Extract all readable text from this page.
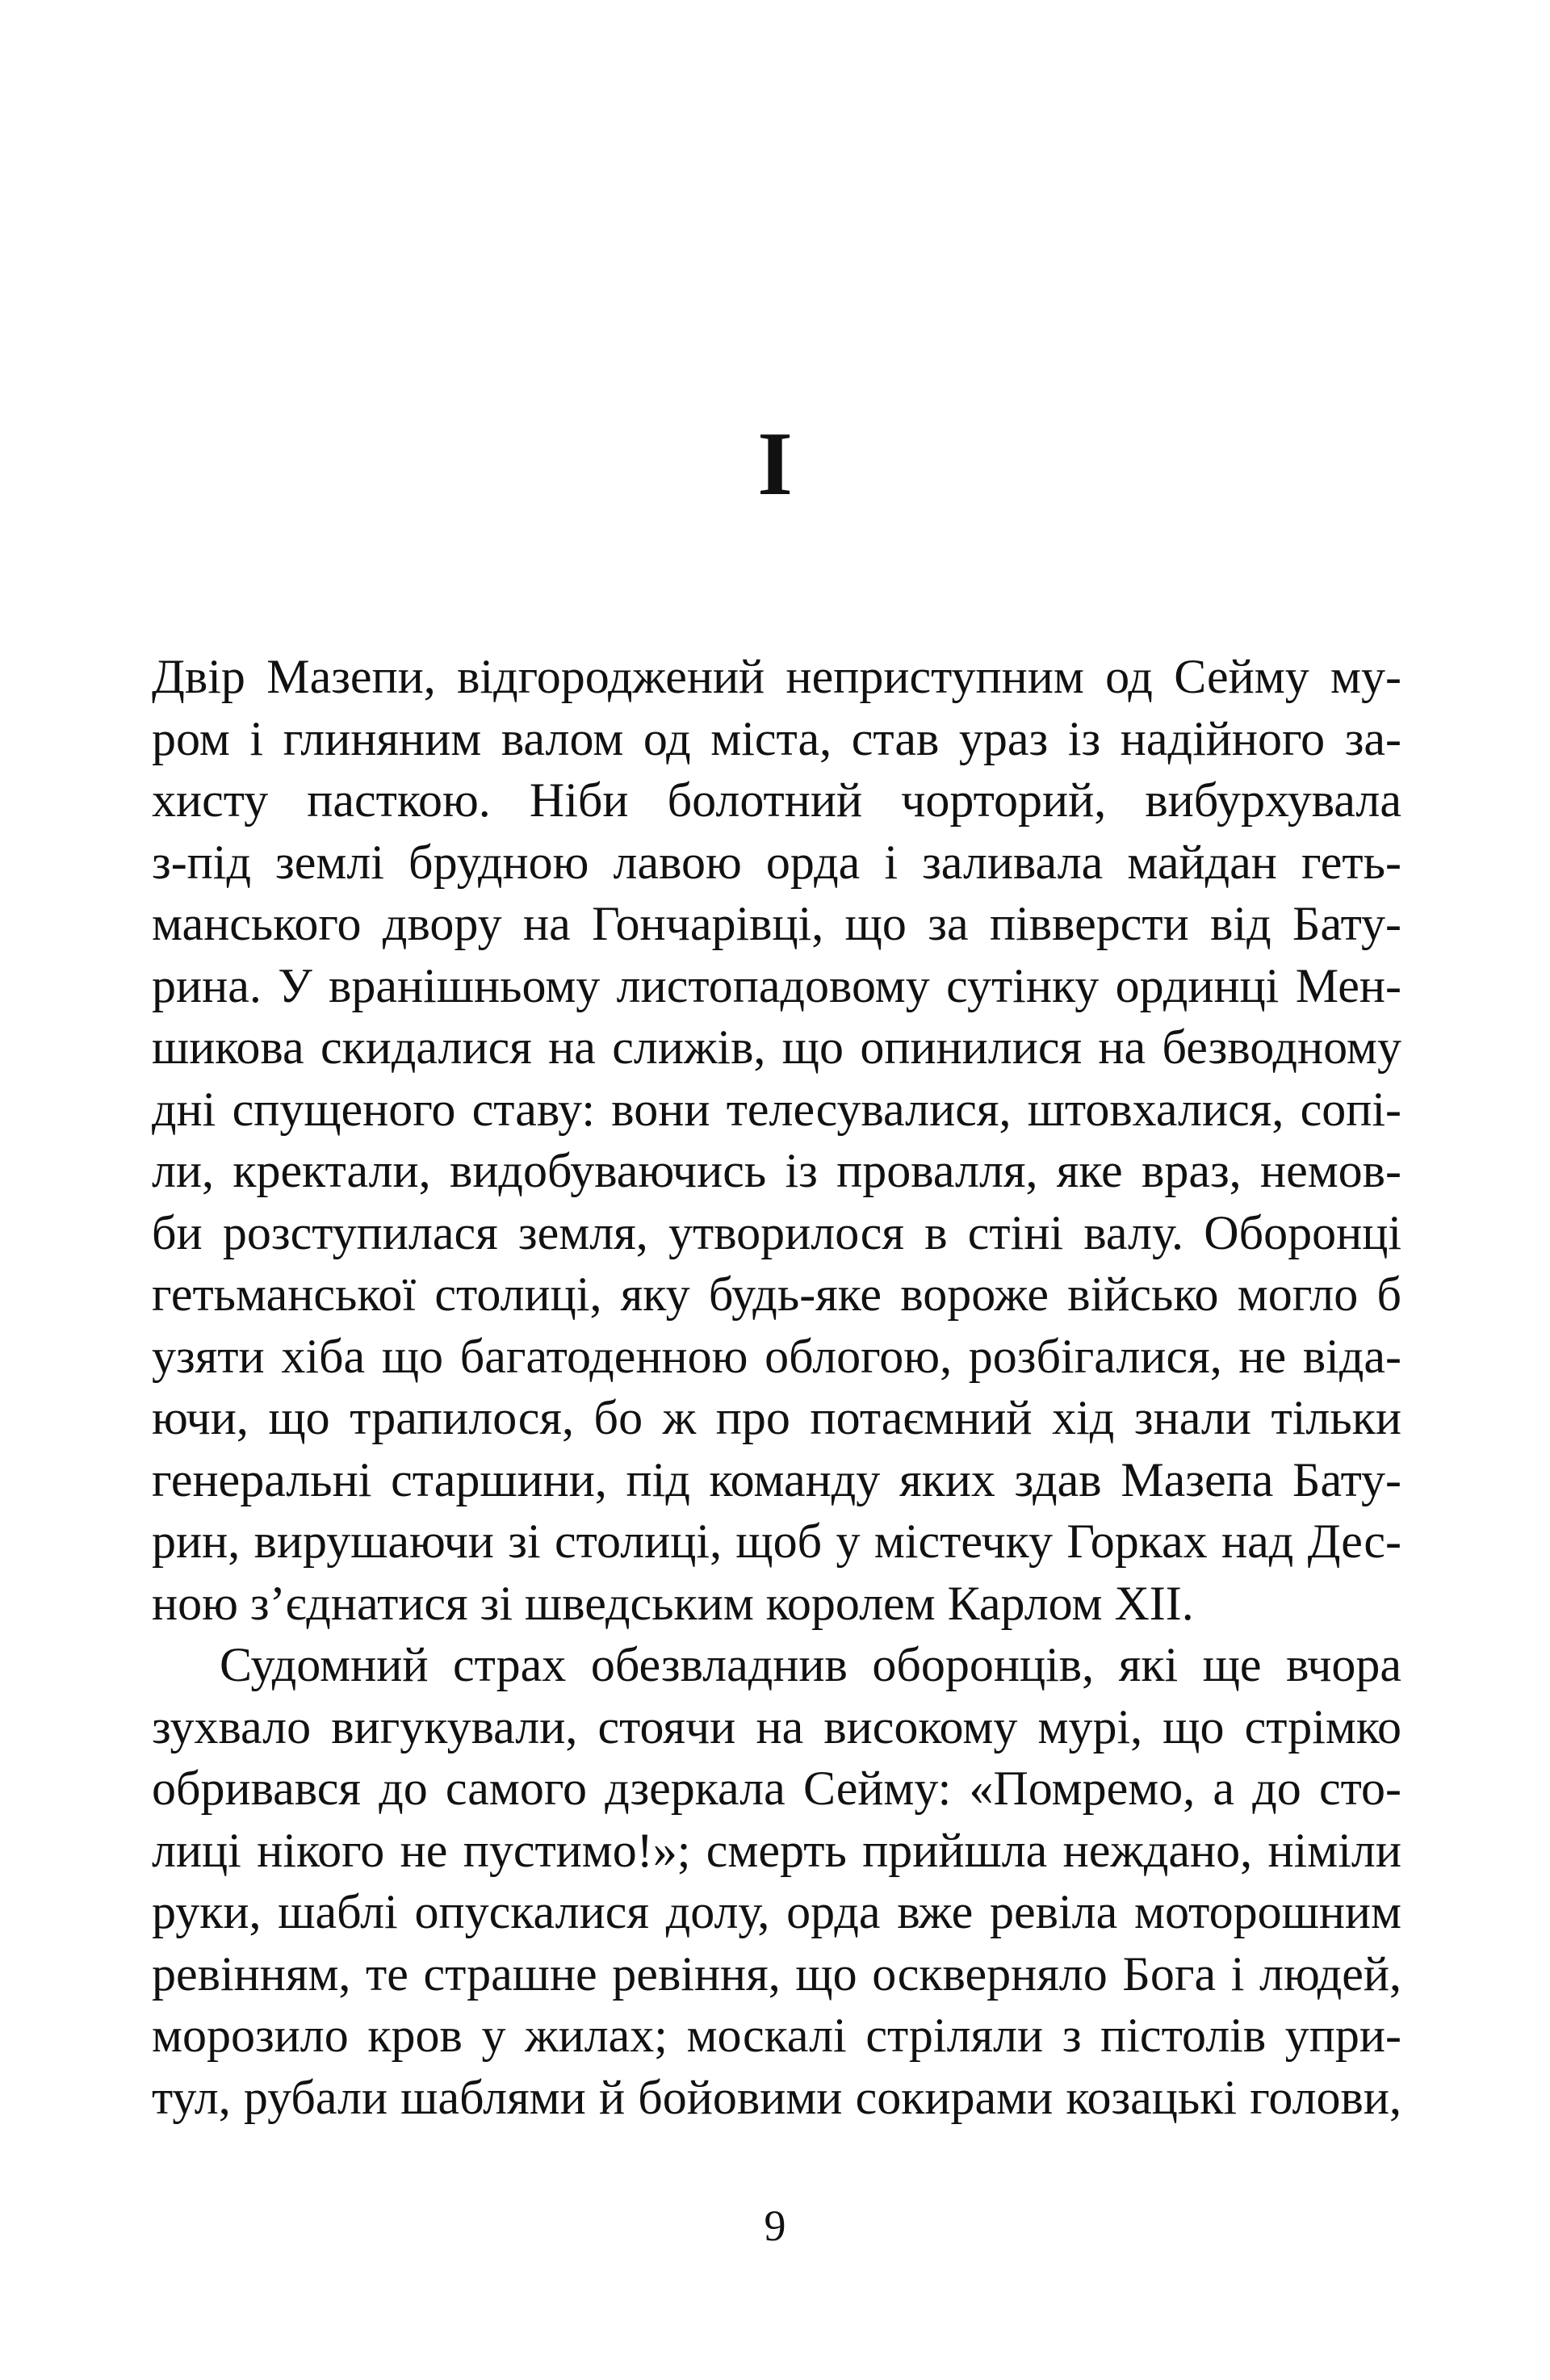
I
Двір Мазепи, відгороджений неприступним од Сейму му-
ром і глиняним валом од міста, став ураз із надійного за-
хисту пасткою. Ніби болотний чорторий, вибурхувала
з-під землі брудною лавою орда і заливала майдан геть-
манського двору на Гончарівці, що за півверсти від Бату-
рина. У вранішньому листопадовому сутінку ординці Мен-
шикова скидалися на слижів, що опинилися на безводному
дні спущеного ставу: вони телесувалися, штовхалися, сопі-
ли, кректали, видобуваючись із провалля, яке враз, немов-
би розступилася земля, утворилося в стіні валу. Оборонці
гетьманської столиці, яку будь-яке вороже військо могло б
узяти хіба що багатоденною облогою, розбігалися, не віда-
ючи, що трапилося, бо ж про потаємний хід знали тільки
генеральні старшини, під команду яких здав Мазепа Бату-
рин, вирушаючи зі столиці, щоб у містечку Горках над Дес-
ною з’єднатися зі шведським королем Карлом XII.
Судомний страх обезвладнив оборонців, які ще вчора
зухвало вигукували, стоячи на високому мурі, що стрімко
обривався до самого дзеркала Сейму: «Помремо, а до сто-
лиці нікого не пустимо!»; смерть прийшла неждано, німіли
руки, шаблі опускалися долу, орда вже ревіла моторошним
ревінням, те страшне ревіння, що оскверняло Бога і людей,
морозило кров у жилах; москалі стріляли з пістолів упри-
тул, рубали шаблями й бойовими сокирами козацькі голови,
9
